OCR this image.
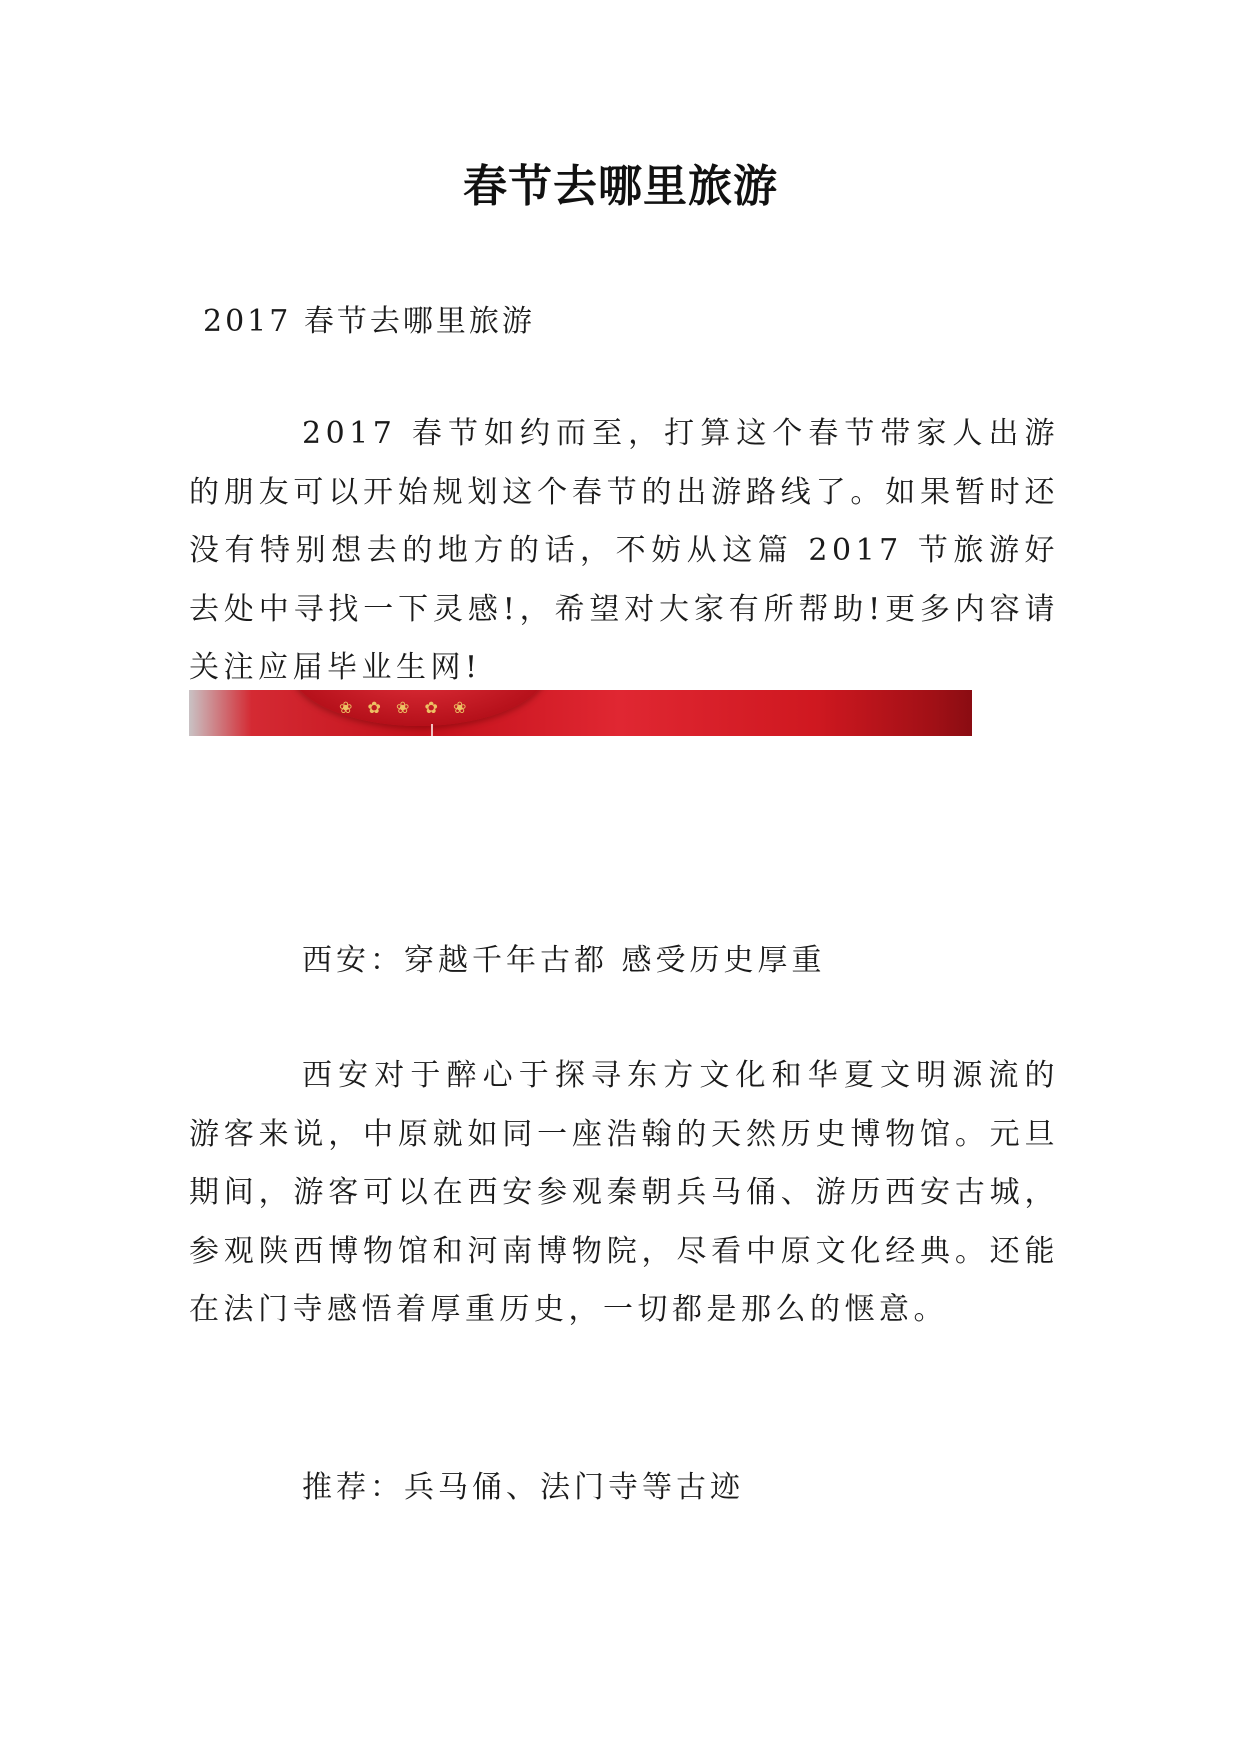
春节去哪里旅游

2017 春节去哪里旅游

2017 春节如约而至，打算这个春节带家人出游的朋友可以开始规划这个春节的出游路线了。如果暂时还没有特别想去的地方的话，不妨从这篇 2017 节旅游好去处中寻找一下灵感!，希望对大家有所帮助!更多内容请关注应届毕业生网!

❀ ✿ ❀ ✿ ❀

西安：穿越千年古都 感受历史厚重

西安对于醉心于探寻东方文化和华夏文明源流的游客来说，中原就如同一座浩翰的天然历史博物馆。元旦期间，游客可以在西安参观秦朝兵马俑、游历西安古城，参观陕西博物馆和河南博物院，尽看中原文化经典。还能在法门寺感悟着厚重历史，一切都是那么的惬意。

推荐：兵马俑、法门寺等古迹
